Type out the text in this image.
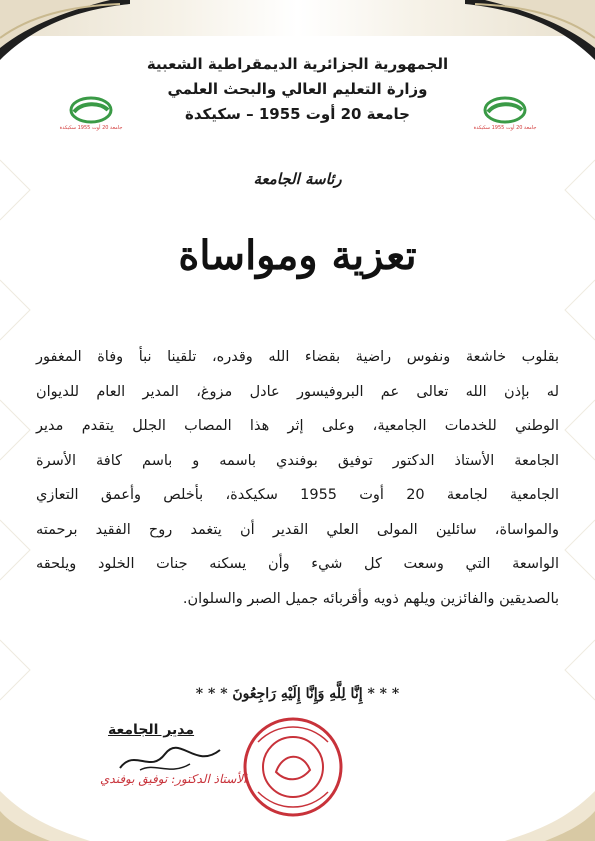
جامعة 20 أوت 1955 سكيكدة	جامعة 20 أوت 1955 سكيكدة
الجمهورية الجزائرية الديمقراطية الشعبية
وزارة التعليم العالي والبحث العلمي
جامعة 20 أوت 1955 – سكيكدة
رئاسة الجامعة
تعزية ومواساة
بقلوب خاشعة ونفوس راضية بقضاء الله وقدره، تلقينا نبأ وفاة المغفور
له بإذن الله تعالى عم البروفيسور عادل مزوغ، المدير العام للديوان
الوطني للخدمات الجامعية، وعلى إثر هذا المصاب الجلل يتقدم مدير
الجامعة الأستاذ الدكتور توفيق بوفندي باسمه و باسم كافة الأسرة
الجامعية لجامعة 20 أوت 1955 سكيكدة، بأخلص وأعمق التعازي
والمواساة، سائلين المولى العلي القدير أن يتغمد روح الفقيد برحمته
الواسعة التي وسعت كل شيء وأن يسكنه جنات الخلود ويلحقه
بالصديقين والفائزين ويلهم ذويه وأقربائه جميل الصبر والسلوان.
* * * إِنَّا لِلَّهِ وَإِنَّا إِلَيْهِ رَاجِعُونَ * * *
مدير الجامعة
الأستاذ الدكتور: توفيق بوفندي
